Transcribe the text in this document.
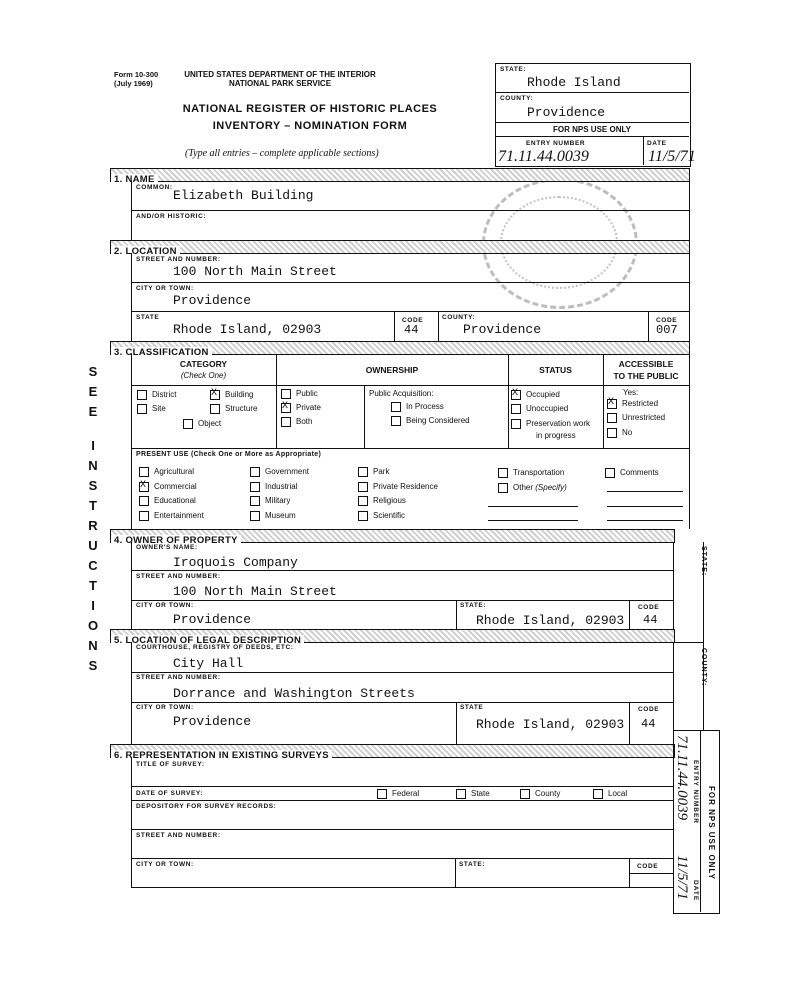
Form 10-300
(July 1969)
UNITED STATES DEPARTMENT OF THE INTERIOR
NATIONAL PARK SERVICE
NATIONAL REGISTER OF HISTORIC PLACES
INVENTORY – NOMINATION FORM
(Type all entries – complete applicable sections)
STATE:
Rhode Island
COUNTY:
Providence
FOR NPS USE ONLY
ENTRY NUMBER	DATE
71.11.44.0039	11/5/71
S
E
E
I
N
S
T
R
U
C
T
I
O
N
S
1. NAME
COMMON:
Elizabeth Building
AND/OR HISTORIC:
2. LOCATION
STREET AND NUMBER:
100 North Main Street
CITY OR TOWN:
Providence
STATE
Rhode Island, 02903
CODE
44
COUNTY:
Providence
CODE
007
3. CLASSIFICATION
CATEGORY
(Check One)
OWNERSHIP	STATUS
ACCESSIBLE
TO THE PUBLIC
District
X	Building
Site	Structure
Object
Public
XPrivate
Both
Public Acquisition:
In Process
Being Considered
XOccupied
Unoccupied
Preservation work
in progress
Yes:
XRestricted
Unrestricted
No
PRESENT USE (Check One or More as Appropriate)
Agricultural
XCommercial
Educational
Entertainment
Government
Industrial
Military
Museum
Park
Private Residence
Religious
Scientific
Transportation
Other (Specify)
Comments
4. OWNER OF PROPERTY
OWNER'S NAME:
Iroquois Company
STREET AND NUMBER:
100 North Main Street
CITY OR TOWN:
Providence
STATE:
Rhode Island, 02903
CODE
44
STATE:
COUNTY:
5. LOCATION OF LEGAL DESCRIPTION
COURTHOUSE, REGISTRY OF DEEDS, ETC:
City Hall
STREET AND NUMBER:
Dorrance and Washington Streets
CITY OR TOWN:
Providence
STATE
Rhode Island, 02903
CODE
44
6. REPRESENTATION IN EXISTING SURVEYS
TITLE OF SURVEY:
DATE OF SURVEY:	Federal	State	County	Local
DEPOSITORY FOR SURVEY RECORDS:
STREET AND NUMBER:
CITY OR TOWN:	STATE:	CODE
ENTRY NUMBER FOR NPS USE ONLY
DATE
71.11.44.0039
11/5/71
